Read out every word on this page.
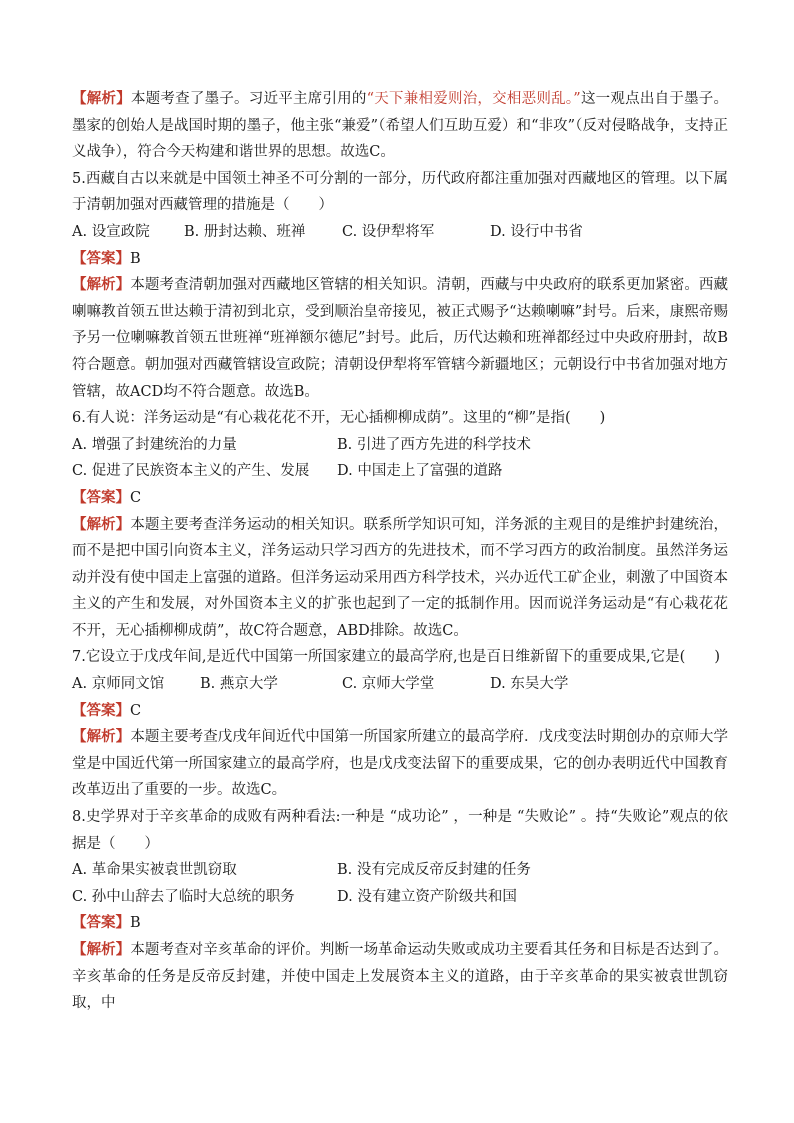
【解析】本题考查了墨子。习近平主席引用的“天下兼相爱则治，交相恶则乱。”这一观点出自于墨子。墨家的创始人是战国时期的墨子，他主张“兼爱”（希望人们互助互爱）和“非攻”（反对侵略战争，支持正义战争），符合今天构建和谐世界的思想。故选C。

5.西藏自古以来就是中国领土神圣不可分割的一部分，历代政府都注重加强对西藏地区的管理。以下属于清朝加强对西藏管理的措施是（　　）

A. 设宣政院	B. 册封达赖、班禅	C. 设伊犁将军	D. 设行中书省

【答案】B

【解析】本题考查清朝加强对西藏地区管辖的相关知识。清朝，西藏与中央政府的联系更加紧密。西藏喇嘛教首领五世达赖于清初到北京，受到顺治皇帝接见，被正式赐予“达赖喇嘛”封号。后来，康熙帝赐予另一位喇嘛教首领五世班禅“班禅额尔德尼”封号。此后，历代达赖和班禅都经过中央政府册封，故B符合题意。朝加强对西藏管辖设宣政院；清朝设伊犁将军管辖今新疆地区；元朝设行中书省加强对地方管辖，故ACD均不符合题意。故选B。

6.有人说：洋务运动是“有心栽花花不开，无心插柳柳成荫”。这里的“柳”是指(　　)

A. 增强了封建统治的力量	B. 引进了西方先进的科学技术
C. 促进了民族资本主义的产生、发展	D. 中国走上了富强的道路

【答案】C

【解析】本题主要考查洋务运动的相关知识。联系所学知识可知，洋务派的主观目的是维护封建统治，而不是把中国引向资本主义，洋务运动只学习西方的先进技术，而不学习西方的政治制度。虽然洋务运动并没有使中国走上富强的道路。但洋务运动采用西方科学技术，兴办近代工矿企业，刺激了中国资本主义的产生和发展，对外国资本主义的扩张也起到了一定的抵制作用。因而说洋务运动是“有心栽花花不开，无心插柳柳成荫”，故C符合题意，ABD排除。故选C。

7.它设立于戊戌年间,是近代中国第一所国家建立的最高学府,也是百日维新留下的重要成果,它是(　　)

A. 京师同文馆	B. 燕京大学	C. 京师大学堂	D. 东吴大学

【答案】C

【解析】本题主要考查戊戌年间近代中国第一所国家所建立的最高学府．戊戌变法时期创办的京师大学堂是中国近代第一所国家建立的最高学府，也是戊戌变法留下的重要成果，它的创办表明近代中国教育改革迈出了重要的一步。故选C。

8.史学界对于辛亥革命的成败有两种看法:一种是 “成功论” ，一种是 “失败论” 。持“失败论”观点的依据是（　　）

A. 革命果实被袁世凯窃取	B. 没有完成反帝反封建的任务
C. 孙中山辞去了临时大总统的职务	D. 没有建立资产阶级共和国

【答案】B

【解析】本题考查对辛亥革命的评价。判断一场革命运动失败或成功主要看其任务和目标是否达到了。辛亥革命的任务是反帝反封建，并使中国走上发展资本主义的道路，由于辛亥革命的果实被袁世凯窃取，中
